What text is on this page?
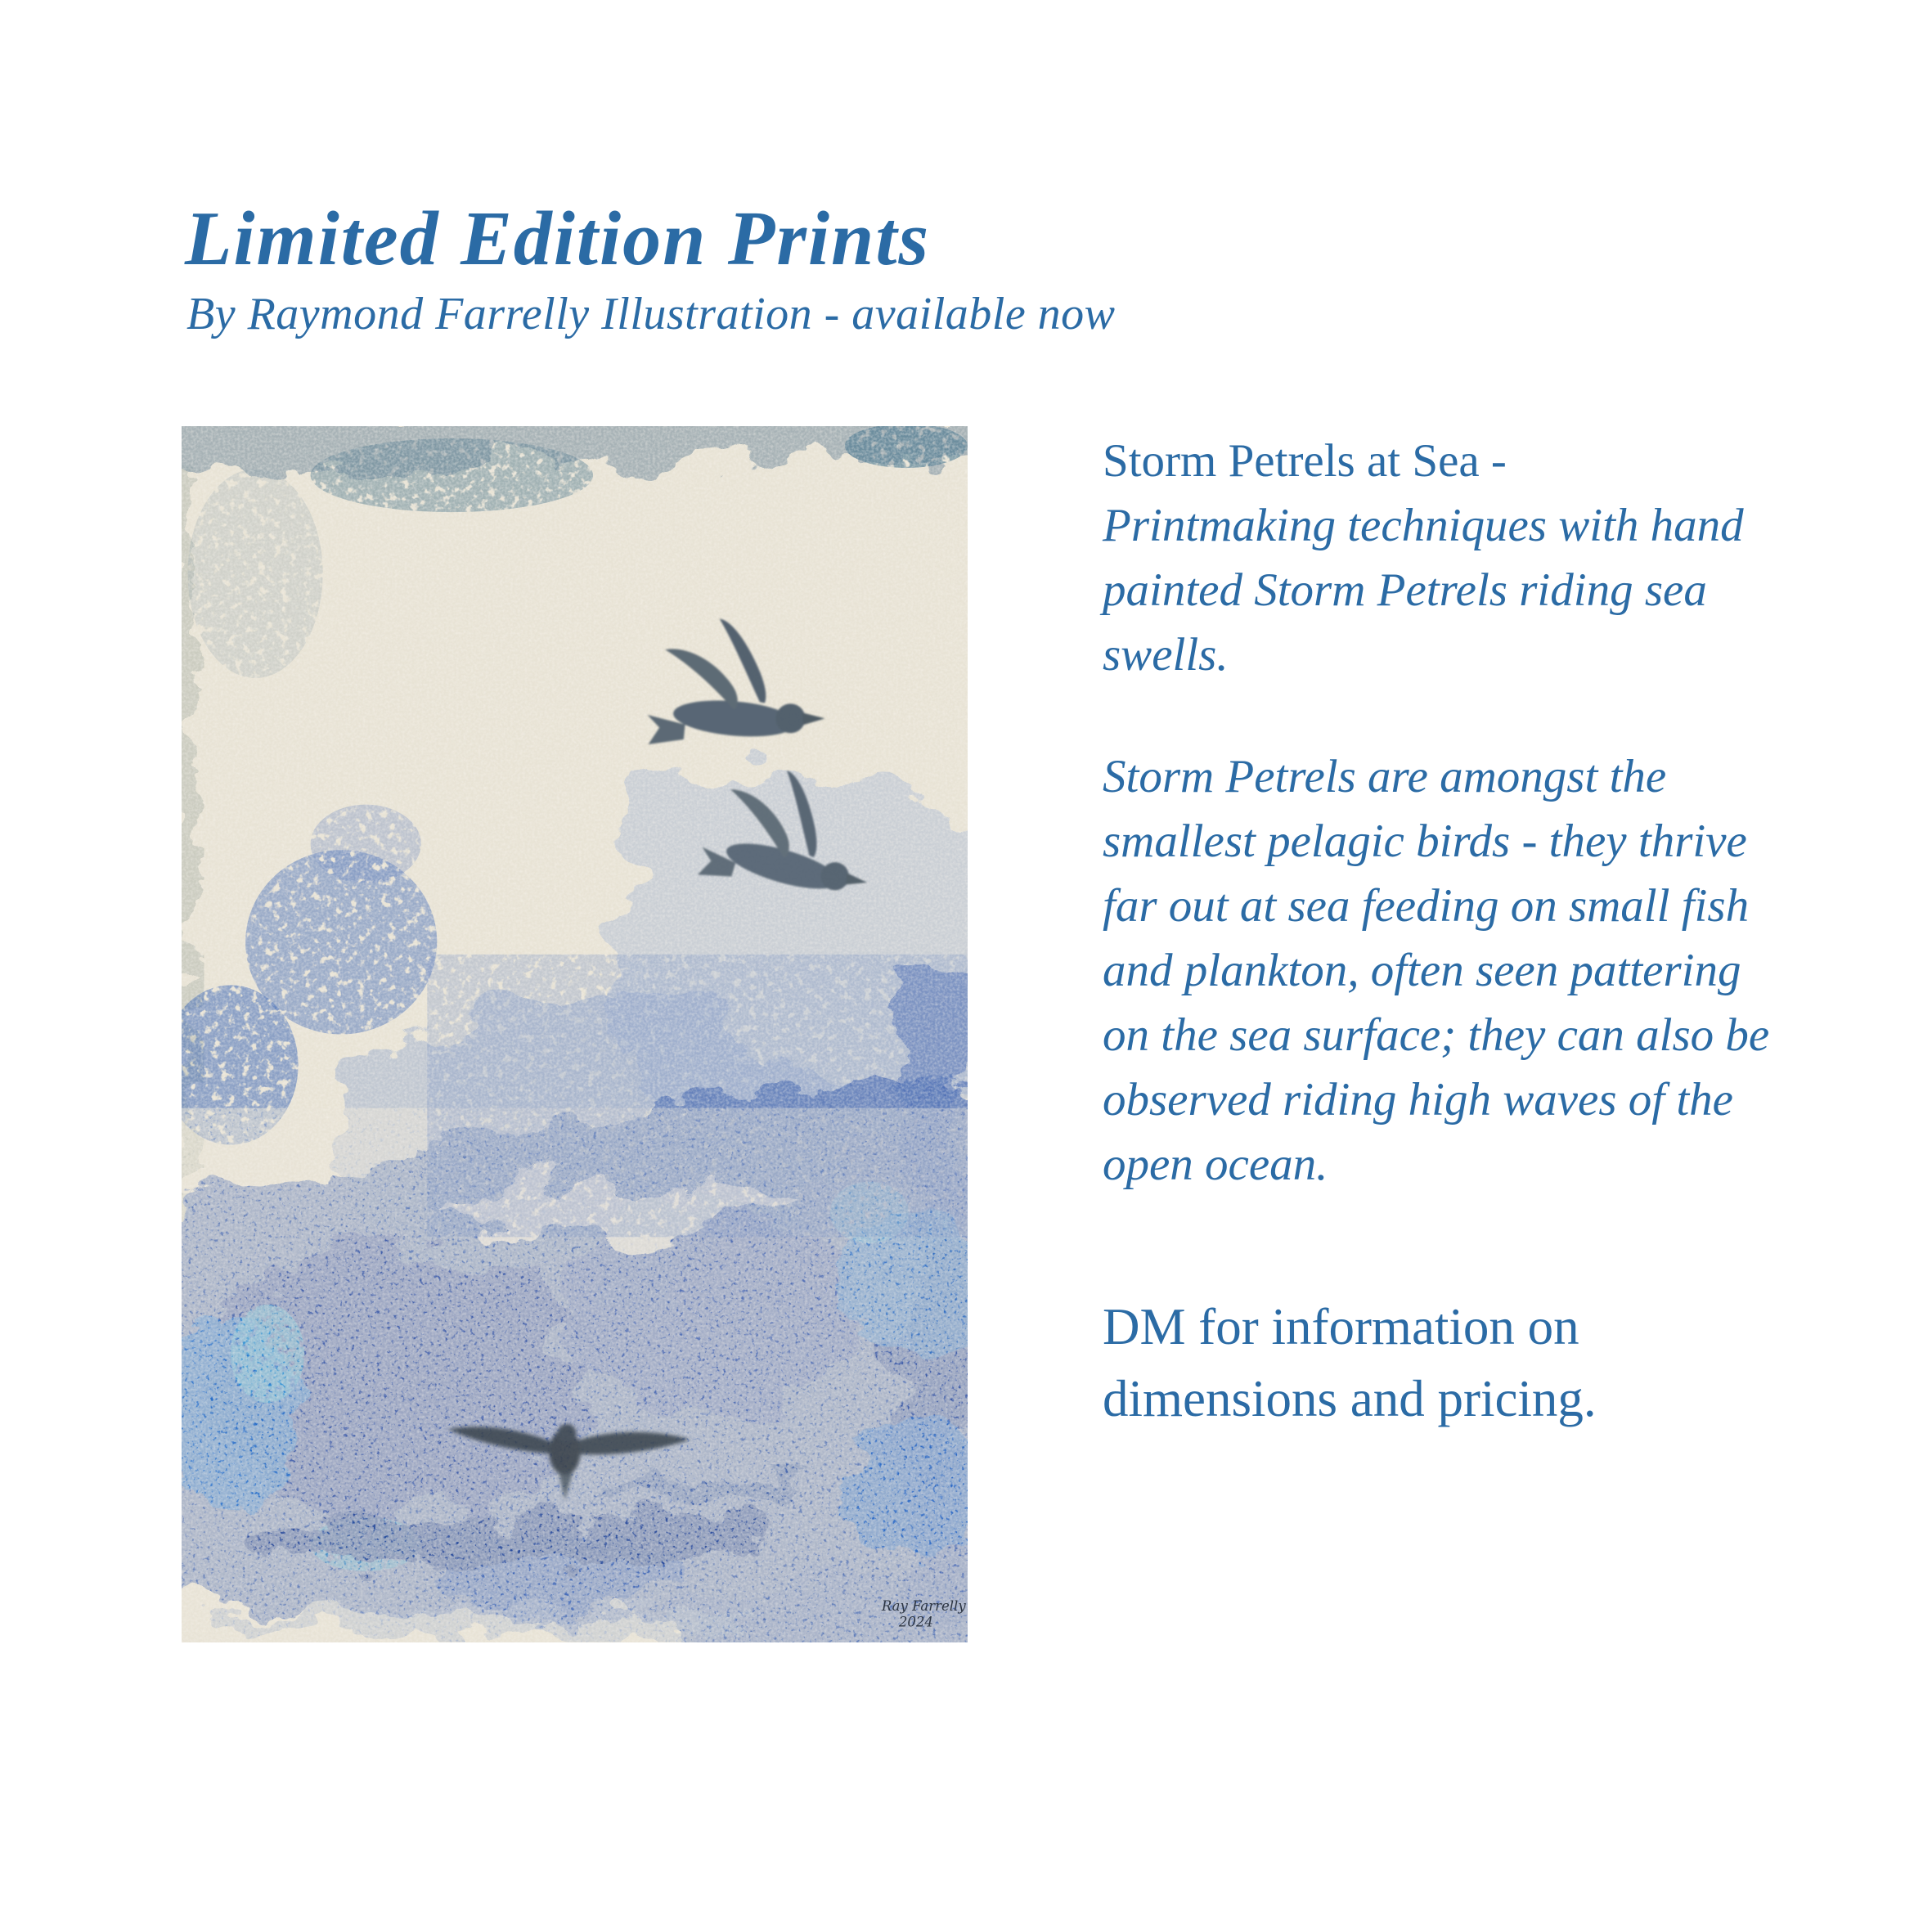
Limited Edition Prints
By Raymond Farrelly Illustration - available now
Ray Farrelly
2024
Storm Petrels at Sea -
Printmaking techniques with hand
painted Storm Petrels riding sea
swells.
Storm Petrels are amongst the
smallest pelagic birds - they thrive
far out at sea feeding on small fish
and plankton, often seen pattering
on the sea surface; they can also be
observed riding high waves of the
open ocean.
DM for information on
dimensions and pricing.
